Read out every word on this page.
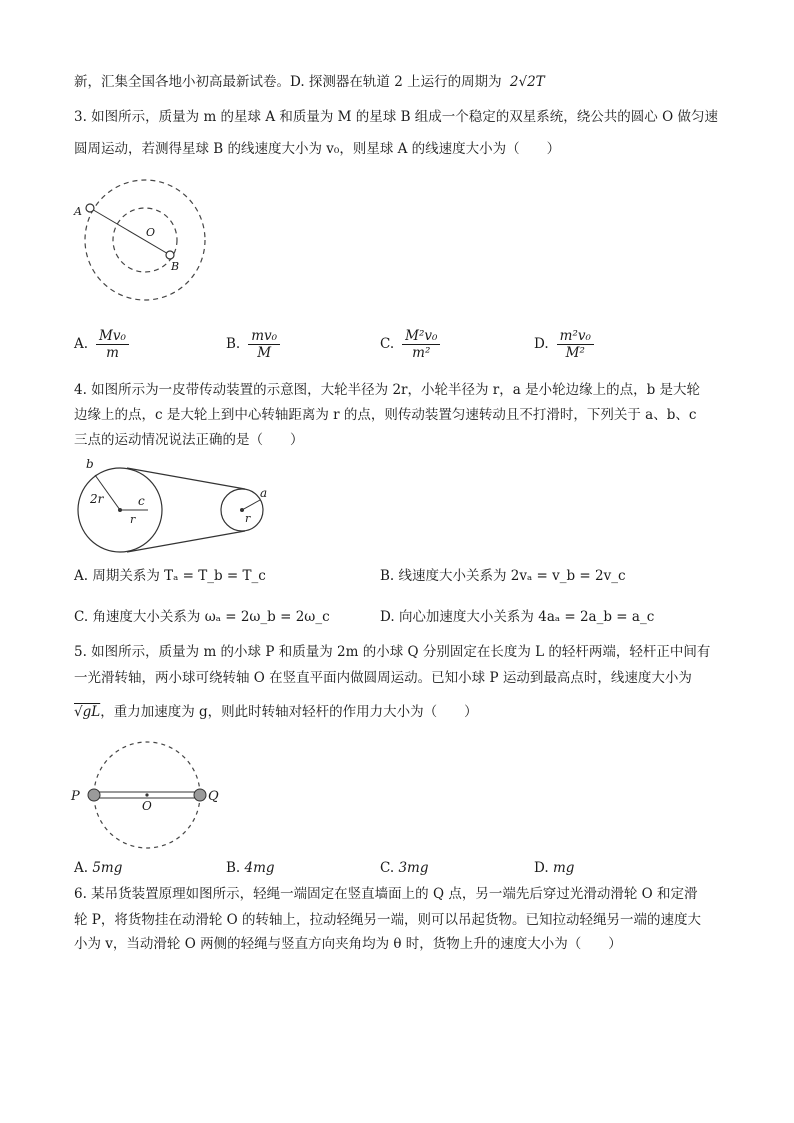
新，汇集全国各地小初高最新试卷。D. 探测器在轨道 2 上运行的周期为 2√2T
3. 如图所示，质量为 m 的星球 A 和质量为 M 的星球 B 组成一个稳定的双星系统，绕公共的圆心 O 做匀速
圆周运动，若测得星球 B 的线速度大小为 v₀，则星球 A 的线速度大小为（　　）
A
O
B
A. $\frac{\text{Mv₀}}{m}$	B. $\frac{\text{mv₀}}{M}$	C. $\frac{\text{M²v₀}}{\text{m²}}$	D. $\frac{\text{m²v₀}}{\text{M²}}$
4. 如图所示为一皮带传动装置的示意图，大轮半径为 2r，小轮半径为 r，a 是小轮边缘上的点，b 是大轮
边缘上的点，c 是大轮上到中心转轴距离为 r 的点，则传动装置匀速转动且不打滑时，下列关于 a、b、c
三点的运动情况说法正确的是（　　）
b
2r	c
r
a
r
A. 周期关系为 Tₐ = T_b = T_c	B. 线速度大小关系为 2vₐ = v_b = 2v_c
C. 角速度大小关系为 ωₐ = 2ω_b = 2ω_c	D. 向心加速度大小关系为 4aₐ = 2a_b = a_c
5. 如图所示，质量为 m 的小球 P 和质量为 2m 的小球 Q 分别固定在长度为 L 的轻杆两端，轻杆正中间有
一光滑转轴，两小球可绕转轴 O 在竖直平面内做圆周运动。已知小球 P 运动到最高点时，线速度大小为
√gL，重力加速度为 g，则此时转轴对轻杆的作用力大小为（　　）
P
O
Q
A. 5mg	B. 4mg	C. 3mg	D. mg
6. 某吊货装置原理如图所示，轻绳一端固定在竖直墙面上的 Q 点，另一端先后穿过光滑动滑轮 O 和定滑
轮 P，将货物挂在动滑轮 O 的转轴上，拉动轻绳另一端，则可以吊起货物。已知拉动轻绳另一端的速度大
小为 v，当动滑轮 O 两侧的轻绳与竖直方向夹角均为 θ 时，货物上升的速度大小为（　　）
